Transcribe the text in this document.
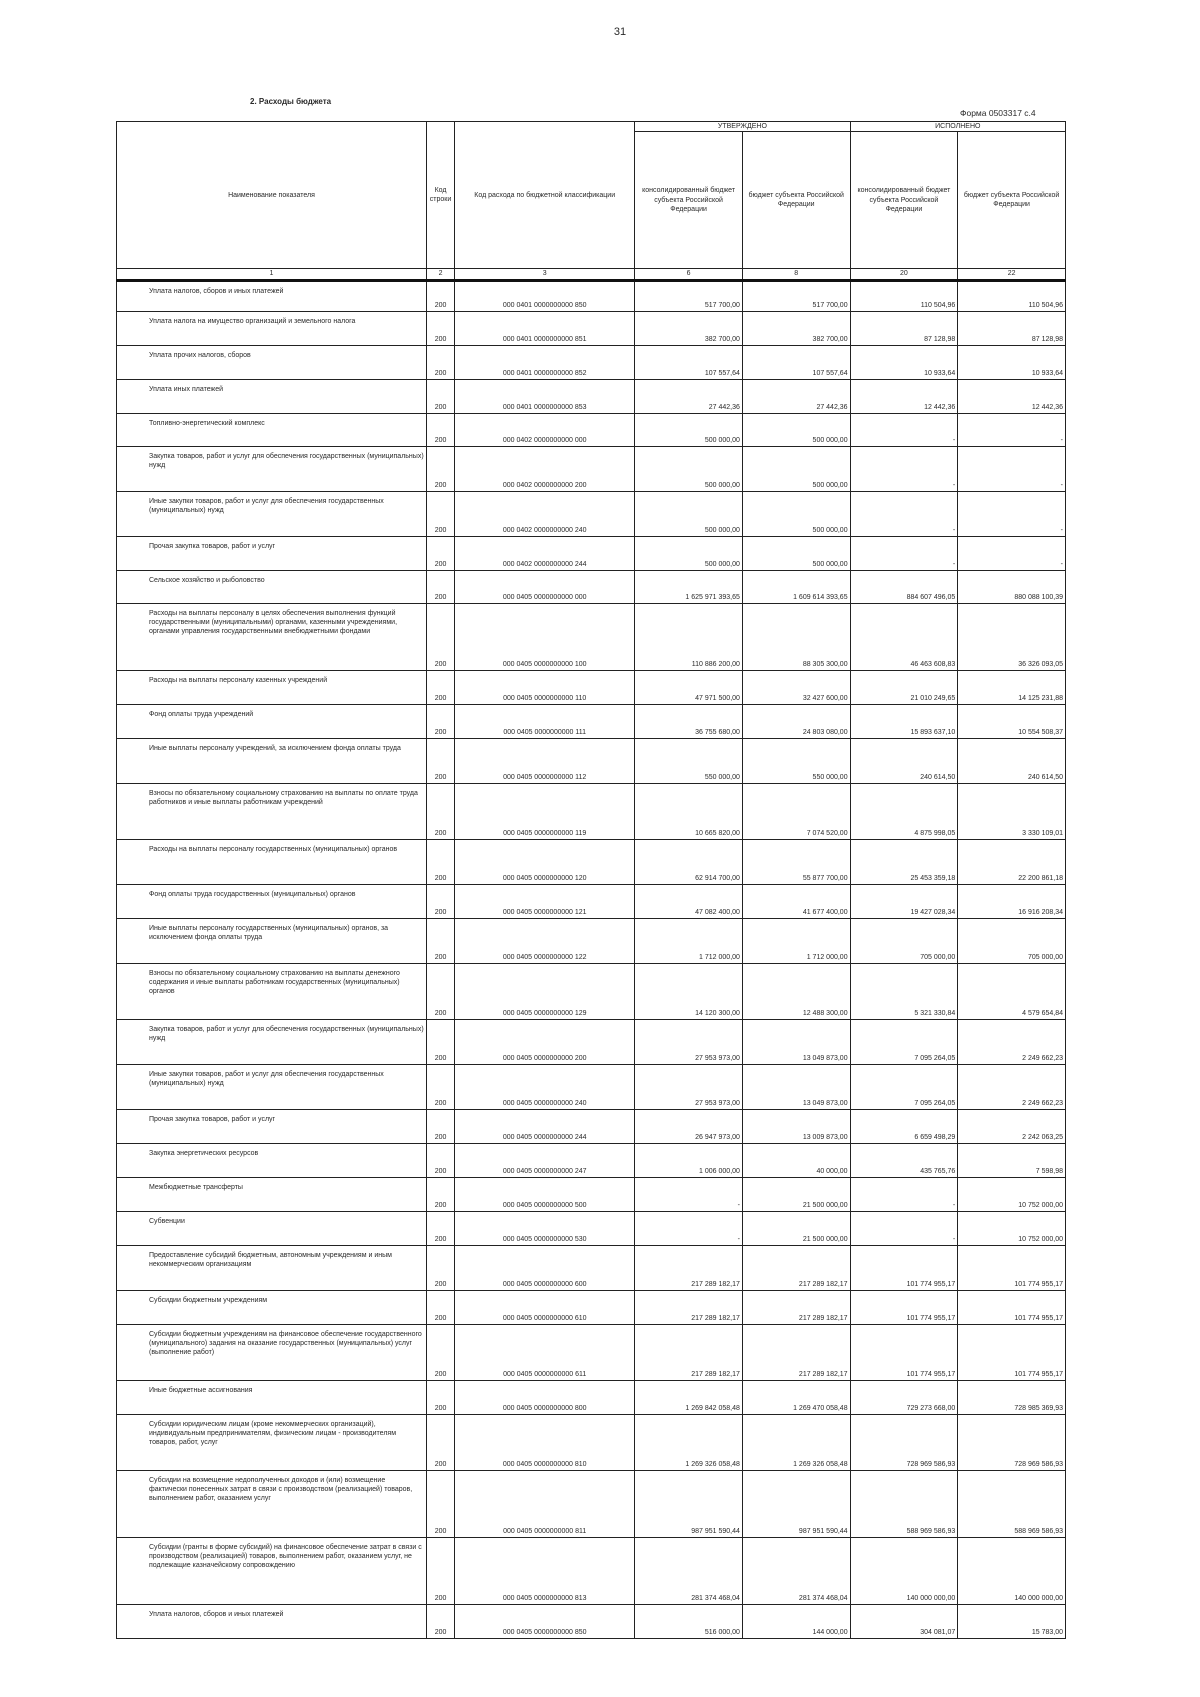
31
2. Расходы бюджета
Форма 0503317 с.4
Наименование показателя	Код строки	Код расхода по бюджетной классификации	УТВЕРЖДЕНО		ИСПОЛНЕНО	
			консолидированный бюджет субъекта Российской Федерации	бюджет субъекта Российской Федерации	консолидированный бюджет субъекта Российской Федерации	бюджет субъекта Российской Федерации
1	2	3	6	8	20	22
Уплата налогов, сборов и иных платежей	200	000 0401 0000000000 850	517 700,00	517 700,00	110 504,96	110 504,96
Уплата налога на имущество организаций и земельного налога	200	000 0401 0000000000 851	382 700,00	382 700,00	87 128,98	87 128,98
Уплата прочих налогов, сборов	200	000 0401 0000000000 852	107 557,64	107 557,64	10 933,64	10 933,64
Уплата иных платежей	200	000 0401 0000000000 853	27 442,36	27 442,36	12 442,36	12 442,36
Топливно-энергетический комплекс	200	000 0402 0000000000 000	500 000,00	500 000,00	-	-
Закупка товаров, работ и услуг для обеспечения государственных (муниципальных) нужд	200	000 0402 0000000000 200	500 000,00	500 000,00	-	-
Иные закупки товаров, работ и услуг для обеспечения государственных (муниципальных) нужд	200	000 0402 0000000000 240	500 000,00	500 000,00	-	-
Прочая закупка товаров, работ и услуг	200	000 0402 0000000000 244	500 000,00	500 000,00	-	-
Сельское хозяйство и рыболовство	200	000 0405 0000000000 000	1 625 971 393,65	1 609 614 393,65	884 607 496,05	880 088 100,39
Расходы на выплаты персоналу в целях обеспечения выполнения функций государственными (муниципальными) органами, казенными учреждениями, органами управления государственными внебюджетными фондами	200	000 0405 0000000000 100	110 886 200,00	88 305 300,00	46 463 608,83	36 326 093,05
Расходы на выплаты персоналу казенных учреждений	200	000 0405 0000000000 110	47 971 500,00	32 427 600,00	21 010 249,65	14 125 231,88
Фонд оплаты труда учреждений	200	000 0405 0000000000 111	36 755 680,00	24 803 080,00	15 893 637,10	10 554 508,37
Иные выплаты персоналу учреждений, за исключением фонда оплаты труда	200	000 0405 0000000000 112	550 000,00	550 000,00	240 614,50	240 614,50
Взносы по обязательному социальному страхованию на выплаты по оплате труда работников и иные выплаты работникам учреждений	200	000 0405 0000000000 119	10 665 820,00	7 074 520,00	4 875 998,05	3 330 109,01
Расходы на выплаты персоналу государственных (муниципальных) органов	200	000 0405 0000000000 120	62 914 700,00	55 877 700,00	25 453 359,18	22 200 861,18
Фонд оплаты труда государственных (муниципальных) органов	200	000 0405 0000000000 121	47 082 400,00	41 677 400,00	19 427 028,34	16 916 208,34
Иные выплаты персоналу государственных (муниципальных) органов, за исключением фонда оплаты труда	200	000 0405 0000000000 122	1 712 000,00	1 712 000,00	705 000,00	705 000,00
Взносы по обязательному социальному страхованию на выплаты денежного содержания и иные выплаты работникам государственных (муниципальных) органов	200	000 0405 0000000000 129	14 120 300,00	12 488 300,00	5 321 330,84	4 579 654,84
Закупка товаров, работ и услуг для обеспечения государственных (муниципальных) нужд	200	000 0405 0000000000 200	27 953 973,00	13 049 873,00	7 095 264,05	2 249 662,23
Иные закупки товаров, работ и услуг для обеспечения государственных (муниципальных) нужд	200	000 0405 0000000000 240	27 953 973,00	13 049 873,00	7 095 264,05	2 249 662,23
Прочая закупка товаров, работ и услуг	200	000 0405 0000000000 244	26 947 973,00	13 009 873,00	6 659 498,29	2 242 063,25
Закупка энергетических ресурсов	200	000 0405 0000000000 247	1 006 000,00	40 000,00	435 765,76	7 598,98
Межбюджетные трансферты	200	000 0405 0000000000 500	-	21 500 000,00	-	10 752 000,00
Субвенции	200	000 0405 0000000000 530	-	21 500 000,00	-	10 752 000,00
Предоставление субсидий бюджетным, автономным учреждениям и иным некоммерческим организациям	200	000 0405 0000000000 600	217 289 182,17	217 289 182,17	101 774 955,17	101 774 955,17
Субсидии бюджетным учреждениям	200	000 0405 0000000000 610	217 289 182,17	217 289 182,17	101 774 955,17	101 774 955,17
Субсидии бюджетным учреждениям на финансовое обеспечение государственного (муниципального) задания на оказание государственных (муниципальных) услуг (выполнение работ)	200	000 0405 0000000000 611	217 289 182,17	217 289 182,17	101 774 955,17	101 774 955,17
Иные бюджетные ассигнования	200	000 0405 0000000000 800	1 269 842 058,48	1 269 470 058,48	729 273 668,00	728 985 369,93
Субсидии юридическим лицам (кроме некоммерческих организаций), индивидуальным предпринимателям, физическим лицам - производителям товаров, работ, услуг	200	000 0405 0000000000 810	1 269 326 058,48	1 269 326 058,48	728 969 586,93	728 969 586,93
Субсидии на возмещение недополученных доходов и (или) возмещение фактически понесенных затрат в связи с производством (реализацией) товаров, выполнением работ, оказанием услуг	200	000 0405 0000000000 811	987 951 590,44	987 951 590,44	588 969 586,93	588 969 586,93
Субсидии (гранты в форме субсидий) на финансовое обеспечение затрат в связи с производством (реализацией) товаров, выполнением работ, оказанием услуг, не подлежащие казначейскому сопровождению	200	000 0405 0000000000 813	281 374 468,04	281 374 468,04	140 000 000,00	140 000 000,00
Уплата налогов, сборов и иных платежей	200	000 0405 0000000000 850	516 000,00	144 000,00	304 081,07	15 783,00
